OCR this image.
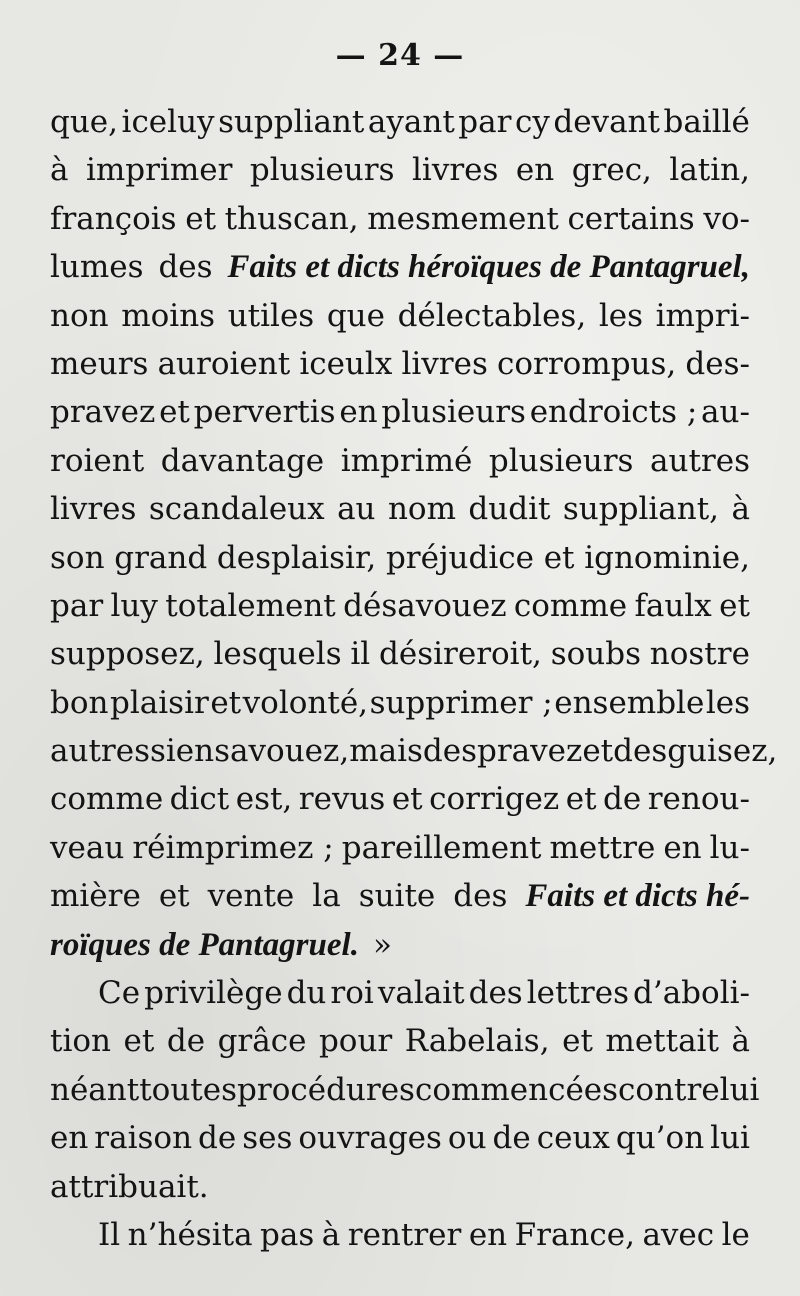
— 24 —
que, iceluy suppliant ayant par cy devant baillé
à imprimer plusieurs livres en grec, latin,
françois et thuscan, mesmement certains vo-
lumes des Faits et dicts héroïques de Pantagruel,
non moins utiles que délectables, les impri-
meurs auroient iceulx livres corrompus, des-
pravez et pervertis en plusieurs endroicts ; au-
roient davantage imprimé plusieurs autres
livres scandaleux au nom dudit suppliant, à
son grand desplaisir, préjudice et ignominie,
par luy totalement désavouez comme faulx et
supposez, lesquels il désireroit, soubs nostre
bon plaisir et volonté, supprimer ; ensemble les
autres siens avouez, mais despravez et desguisez,
comme dict est, revus et corrigez et de renou-
veau réimprimez ; pareillement mettre en lu-
mière et vente la suite des Faits et dicts hé-
roïques de Pantagruel. »
Ce privilège du roi valait des lettres d’aboli-
tion et de grâce pour Rabelais, et mettait à
néant toutes procédures commencées contre lui
en raison de ses ouvrages ou de ceux qu’on lui
attribuait.
Il n’hésita pas à rentrer en France, avec le
